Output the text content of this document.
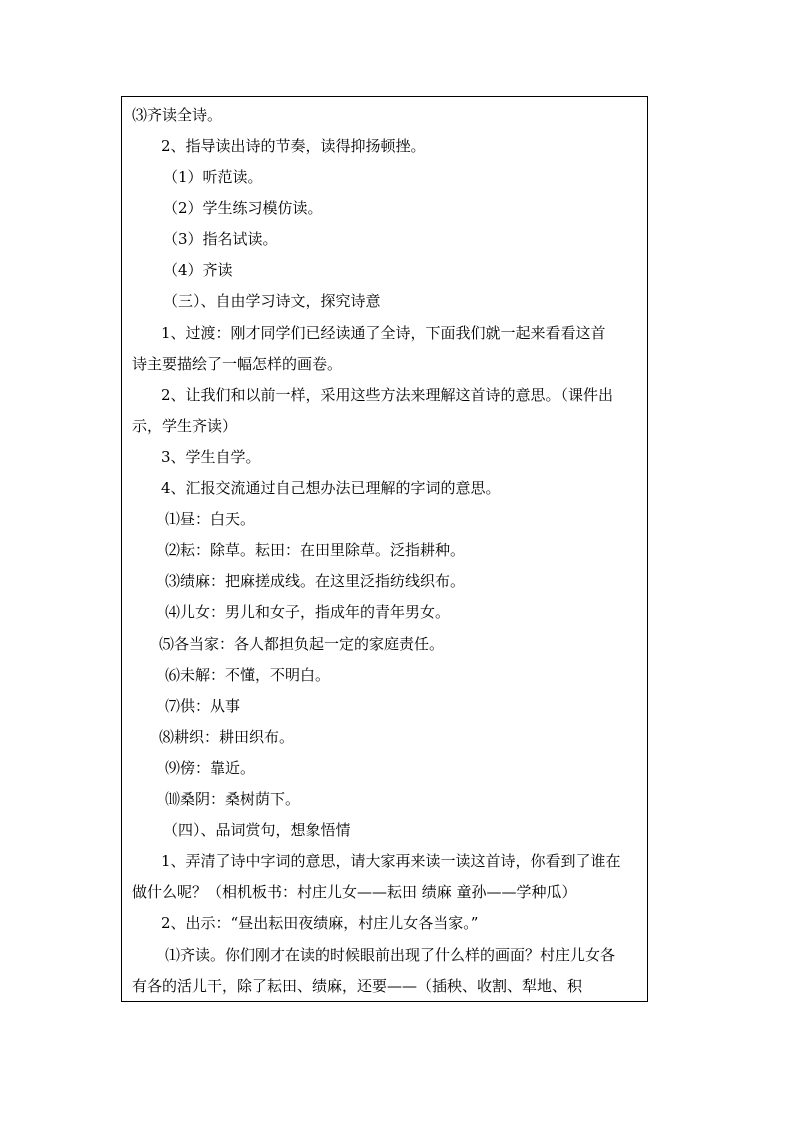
⑶齐读全诗。
2、指导读出诗的节奏，读得抑扬顿挫。
（1）听范读。
（2）学生练习模仿读。
（3）指名试读。
（4）齐读
（三）、自由学习诗文，探究诗意
1、过渡：刚才同学们已经读通了全诗，下面我们就一起来看看这首
诗主要描绘了一幅怎样的画卷。
2、让我们和以前一样，采用这些方法来理解这首诗的意思。（课件出
示，学生齐读）
3、学生自学。
4、汇报交流通过自己想办法已理解的字词的意思。
⑴昼：白天。
⑵耘：除草。耘田：在田里除草。泛指耕种。
⑶绩麻：把麻搓成线。在这里泛指纺线织布。
⑷儿女：男儿和女子，指成年的青年男女。
⑸各当家：各人都担负起一定的家庭责任。
⑹未解：不懂，不明白。
⑺供：从事
⑻耕织：耕田织布。
⑼傍：靠近。
⑽桑阴：桑树荫下。
（四）、品词赏句，想象悟情
1、弄清了诗中字词的意思，请大家再来读一读这首诗，你看到了谁在
做什么呢？（相机板书：村庄儿女——耘田 绩麻 童孙——学种瓜）
2、出示：“昼出耘田夜绩麻，村庄儿女各当家。”
⑴齐读。你们刚才在读的时候眼前出现了什么样的画面？村庄儿女各
有各的活儿干，除了耘田、绩麻，还要——（插秧、收割、犁地、积
